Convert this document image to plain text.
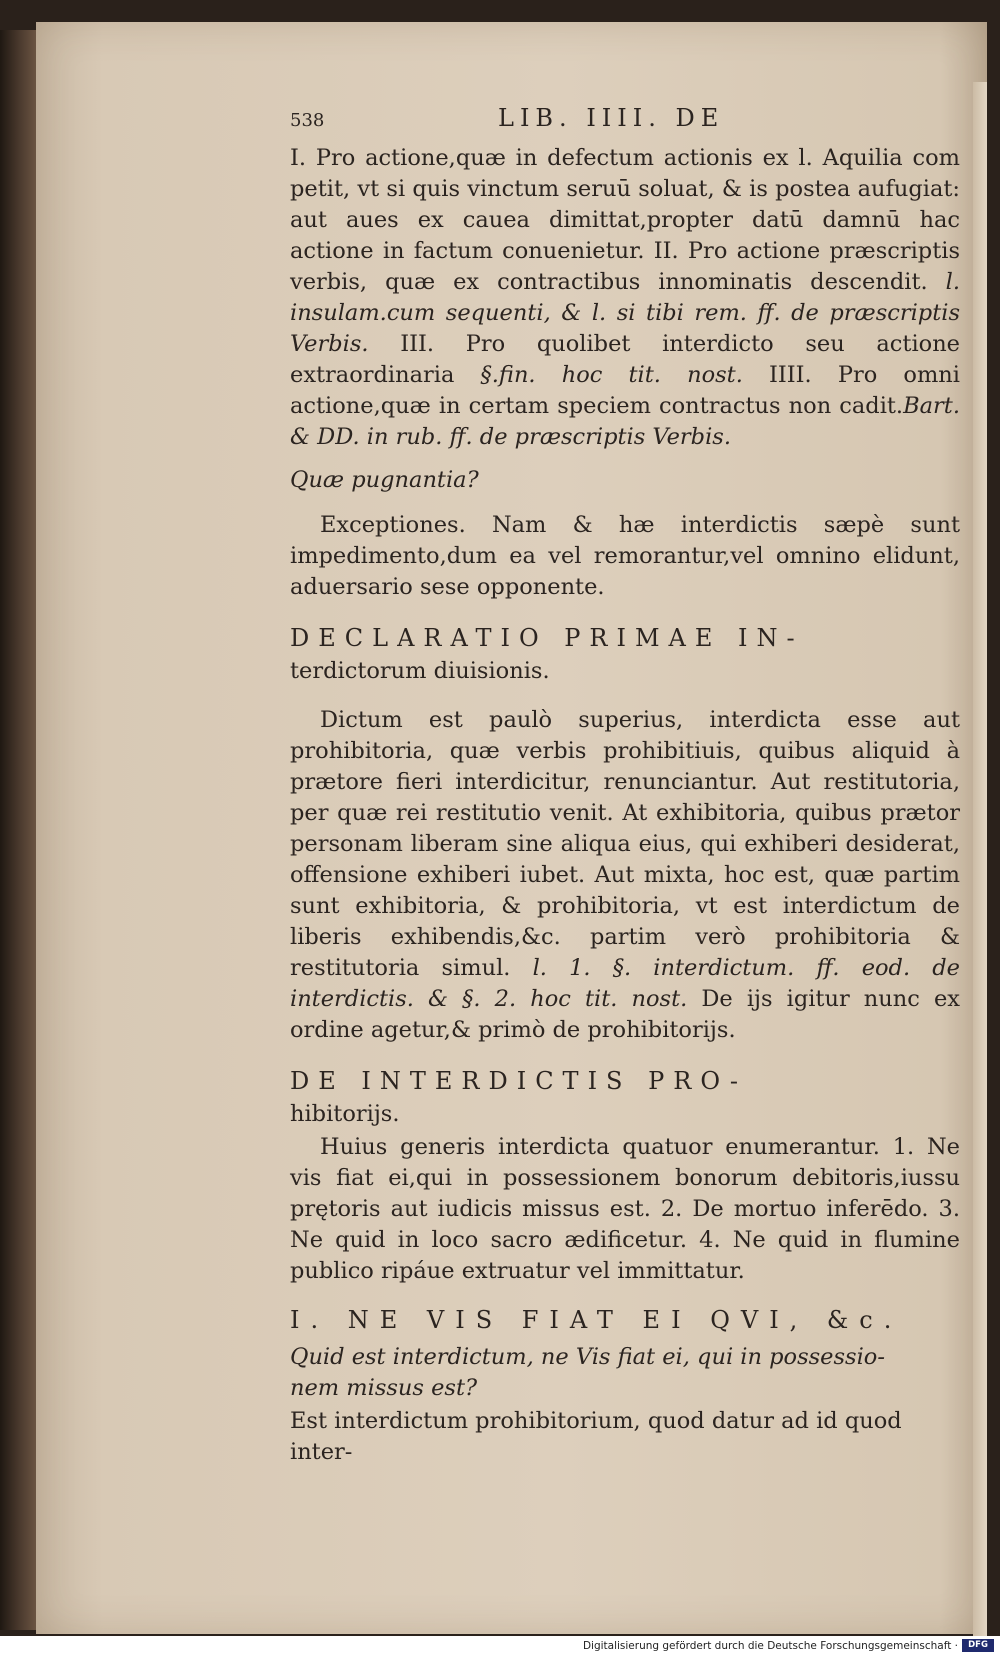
538	LIB. IIII. DE

I. Pro actione,quæ in defectum actionis ex l. Aquilia com petit, vt si quis vinctum seruū soluat, & is postea aufugiat: aut aues ex cauea dimittat,propter datū damnū hac actione in factum conuenietur. II. Pro actione præscriptis verbis, quæ ex contractibus innominatis descendit. l. insulam.cum sequenti, & l. si tibi rem. ff. de præscriptis Verbis. III. Pro quolibet interdicto seu actione extraordinaria §.fin. hoc tit. nost. IIII. Pro omni actione,quæ in certam speciem contractus non cadit.Bart. & DD. in rub. ff. de præscriptis Verbis.

Quæ pugnantia?

Exceptiones. Nam & hæ interdictis sæpè sunt impedimento,dum ea vel remorantur,vel omnino elidunt, aduersario sese opponente.

DECLARATIO PRIMAE IN-

terdictorum diuisionis.

Dictum est paulò superius, interdicta esse aut prohibitoria, quæ verbis prohibitiuis, quibus aliquid à prætore fieri interdicitur, renunciantur. Aut restitutoria, per quæ rei restitutio venit. At exhibitoria, quibus prætor personam liberam sine aliqua eius, qui exhiberi desiderat, offensione exhiberi iubet. Aut mixta, hoc est, quæ partim sunt exhibitoria, & prohibitoria, vt est interdictum de liberis exhibendis,&c. partim verò prohibitoria & restitutoria simul. l. 1. §. interdictum. ff. eod. de interdictis. & §. 2. hoc tit. nost. De ijs igitur nunc ex ordine agetur,& primò de prohibitorijs.

DE INTERDICTIS PRO-

hibitorijs.

Huius generis interdicta quatuor enumerantur. 1. Ne vis fiat ei,qui in possessionem bonorum debitoris,iussu prętoris aut iudicis missus est. 2. De mortuo inferēdo. 3. Ne quid in loco sacro ædificetur. 4. Ne quid in flumine publico ripáue extruatur vel immittatur.

I. NE VIS FIAT EI QVI, &c.

Quid est interdictum, ne Vis fiat ei, qui in possessio-

nem missus est?

Est interdictum prohibitorium, quod datur ad id quod

inter-

Digitalisierung gefördert durch die Deutsche Forschungsgemeinschaft ·	DFG
